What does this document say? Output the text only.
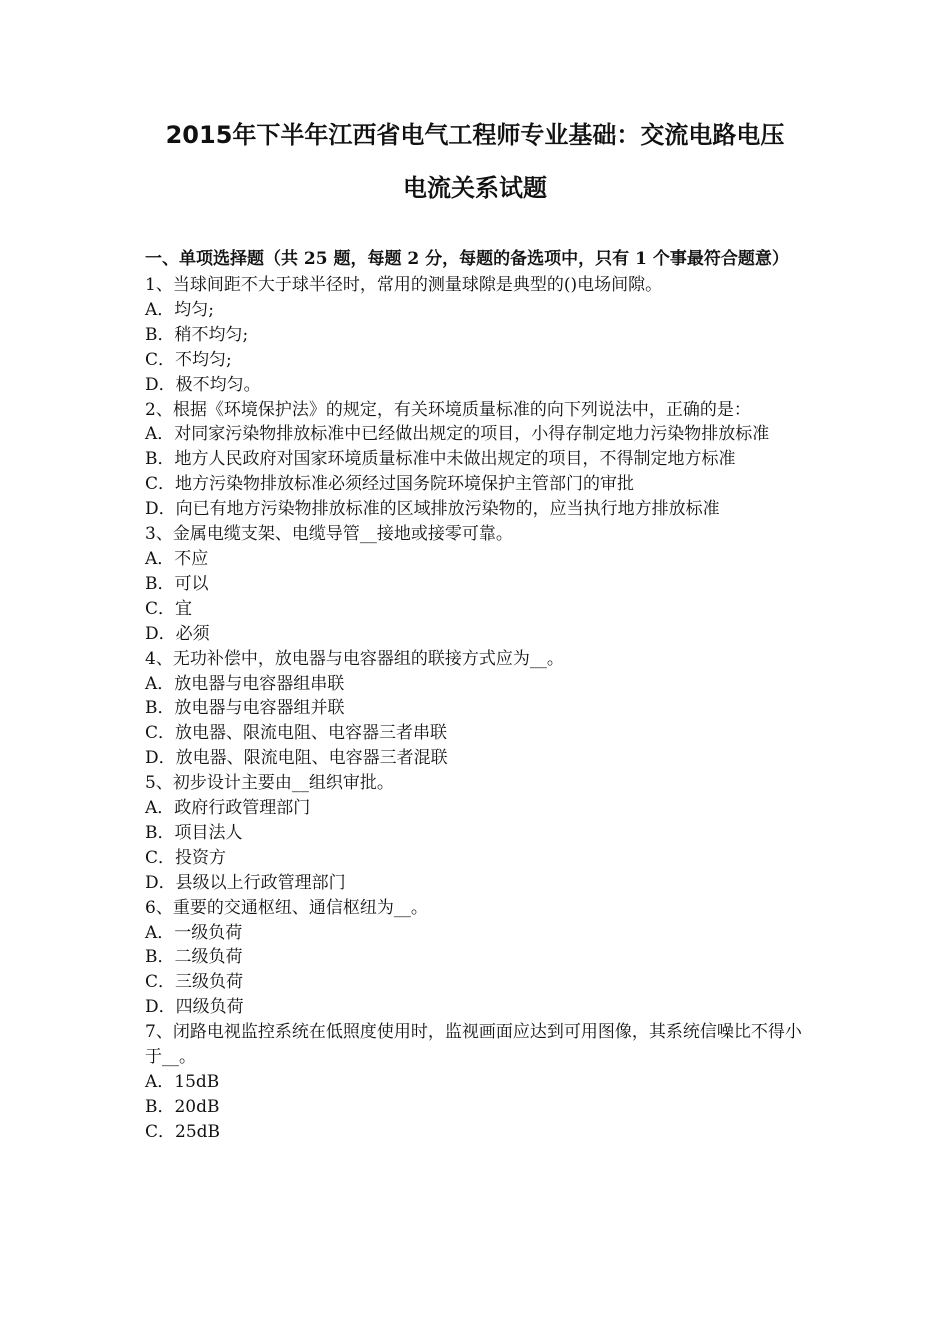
2015年下半年江西省电气工程师专业基础：交流电路电压
电流关系试题
一、单项选择题（共 25 题，每题 2 分，每题的备选项中，只有 1 个事最符合题意）
1、当球间距不大于球半径时，常用的测量球隙是典型的()电场间隙。
A．均匀;
B．稍不均匀;
C．不均匀;
D．极不均匀。
2、根据《环境保护法》的规定，有关环境质量标准的向下列说法中，正确的是：
A．对同家污染物排放标准中已经做出规定的项目，小得存制定地力污染物排放标准
B．地方人民政府对国家环境质量标准中未做出规定的项目，不得制定地方标准
C．地方污染物排放标准必须经过国务院环境保护主管部门的审批
D．向已有地方污染物排放标准的区域排放污染物的，应当执行地方排放标准
3、金属电缆支架、电缆导管__接地或接零可靠。
A．不应
B．可以
C．宜
D．必须
4、无功补偿中，放电器与电容器组的联接方式应为__。
A．放电器与电容器组串联
B．放电器与电容器组并联
C．放电器、限流电阻、电容器三者串联
D．放电器、限流电阻、电容器三者混联
5、初步设计主要由__组织审批。
A．政府行政管理部门
B．项目法人
C．投资方
D．县级以上行政管理部门
6、重要的交通枢纽、通信枢纽为__。
A．一级负荷
B．二级负荷
C．三级负荷
D．四级负荷
7、闭路电视监控系统在低照度使用时，监视画面应达到可用图像，其系统信噪比不得小于__。
A．15dB
B．20dB
C．25dB
